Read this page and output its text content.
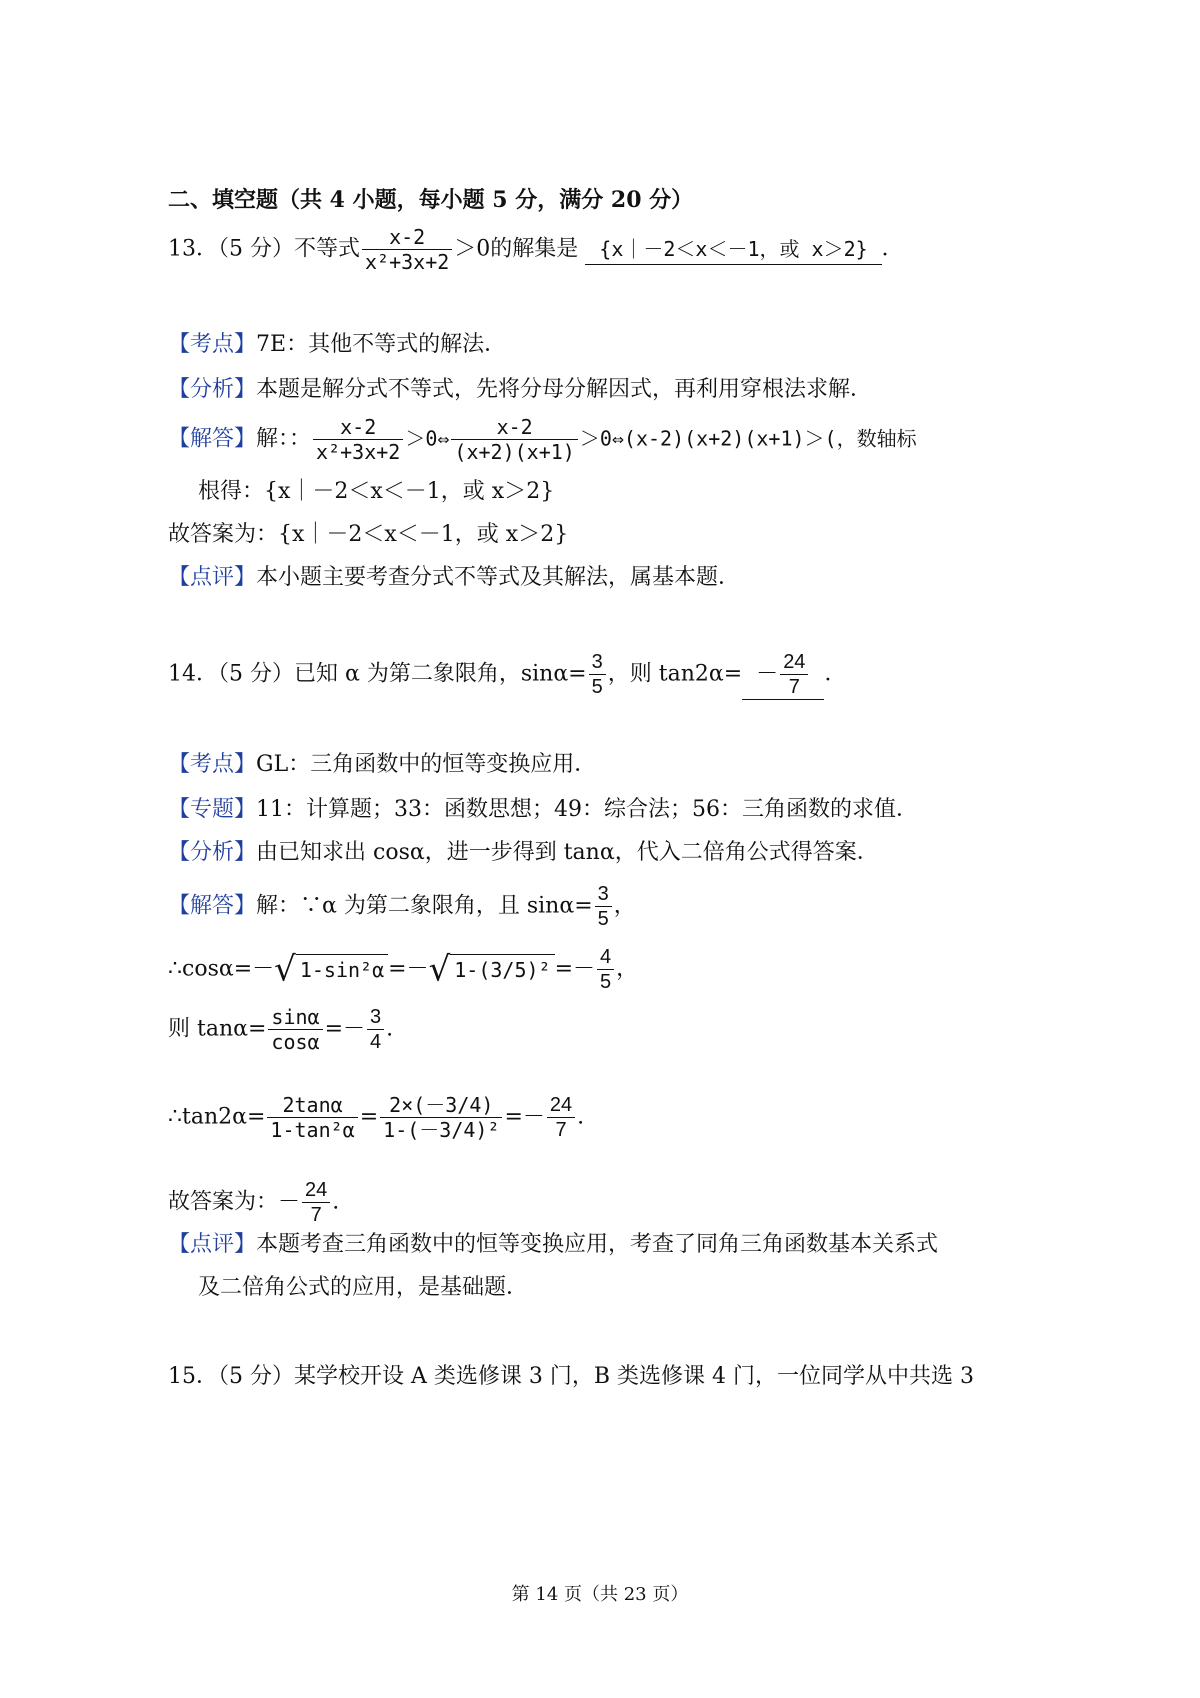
二、填空题（共 4 小题，每小题 5 分，满分 20 分）
13．（5 分）不等式 $\frac{x-2}{\text{x²+3x+2}} >0$的解集是 {x｜－2＜x＜－1，或 x＞2} ．
【考点】7E：其他不等式的解法．
【分析】本题是解分式不等式，先将分母分解因式，再利用穿根法求解．
【解答】解：： $\frac{x-2}{\text{x²+3x+2}}$ ＞0⇔ $\frac{x-2}{(x+2)(x+1)}$ ＞0⇔(x-2)(x+2)(x+1)＞(，数轴标
根得：{x｜－2＜x＜－1，或 x＞2}
故答案为：{x｜－2＜x＜－1，或 x＞2}
【点评】本小题主要考查分式不等式及其解法，属基本题．
14．（5 分）已知 α 为第二象限角，$\sin\alpha= \frac{3}{5}$ ，则 $\tan 2\alpha= - \frac{24}{7}$ ．
【考点】GL：三角函数中的恒等变换应用．
【专题】11：计算题；33：函数思想；49：综合法；56：三角函数的求值．
【分析】由已知求出 cosα，进一步得到 tanα，代入二倍角公式得答案．
【解答】解：∵α 为第二象限角，且 $\sin\alpha= \frac{3}{5}$ ，
∴cosα=－√ 1-sin²α =－√ $1-(3/5)^2 =- \frac{4}{5}$ ，
则 $\tan\alpha= \frac{\sin\alpha}{\cos\alpha} =- \frac{3}{4}$ .
∴tan2α= $\frac{2\tan\alpha}{\text{1-tan²α}} = \frac{2\times(-3/4)}{\text{1-(－3/4)²}} =- \frac{24}{7}$ .
故答案为：－ $\frac{24}{7}$ .
【点评】本题考查三角函数中的恒等变换应用，考查了同角三角函数基本关系式
及二倍角公式的应用，是基础题．
15．（5 分）某学校开设 A 类选修课 3 门，B 类选修课 4 门，一位同学从中共选 3
第 14 页（共 23 页）
